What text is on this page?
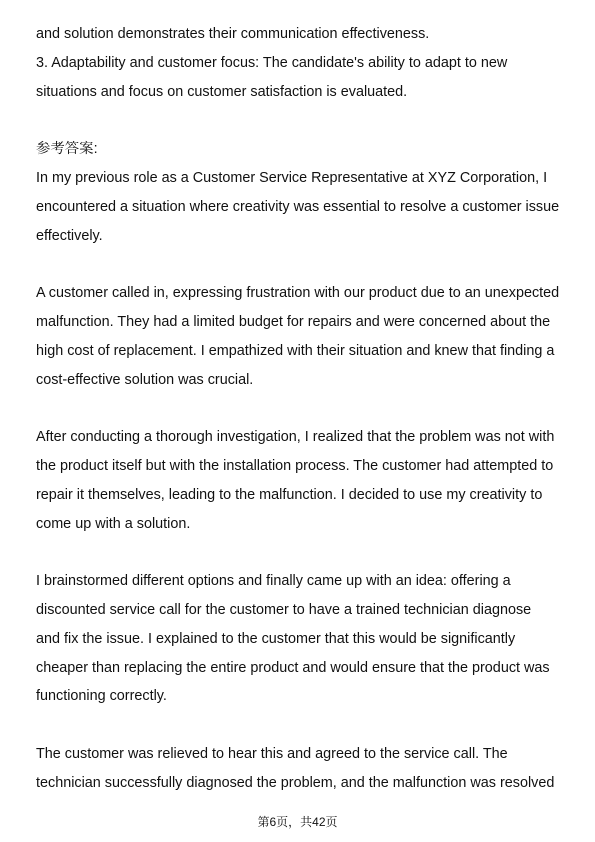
and solution demonstrates their communication effectiveness.
3. Adaptability and customer focus: The candidate's ability to adapt to new
situations and focus on customer satisfaction is evaluated.
参考答案:
In my previous role as a Customer Service Representative at XYZ Corporation, I
encountered a situation where creativity was essential to resolve a customer issue
effectively.
A customer called in, expressing frustration with our product due to an unexpected
malfunction. They had a limited budget for repairs and were concerned about the
high cost of replacement. I empathized with their situation and knew that finding a
cost-effective solution was crucial.
After conducting a thorough investigation, I realized that the problem was not with
the product itself but with the installation process. The customer had attempted to
repair it themselves, leading to the malfunction. I decided to use my creativity to
come up with a solution.
I brainstormed different options and finally came up with an idea: offering a
discounted service call for the customer to have a trained technician diagnose
and fix the issue. I explained to the customer that this would be significantly
cheaper than replacing the entire product and would ensure that the product was
functioning correctly.
The customer was relieved to hear this and agreed to the service call. The
technician successfully diagnosed the problem, and the malfunction was resolved
第6页，共42页
